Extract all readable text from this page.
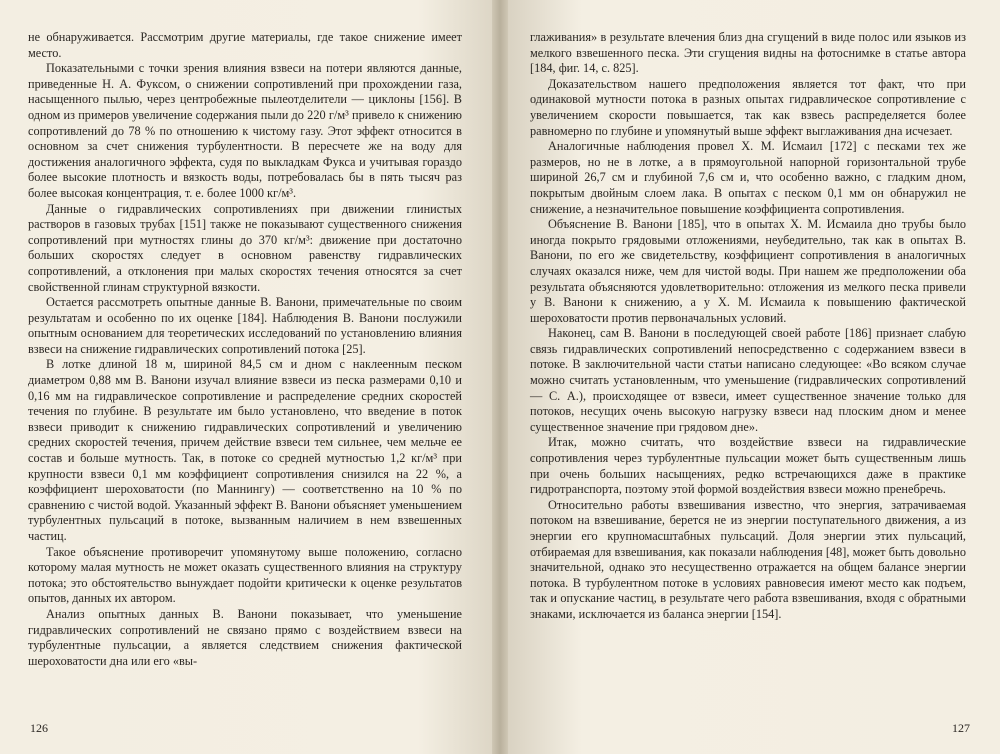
не обнаруживается. Рассмотрим другие материалы, где такое снижение имеет место.

Показательными с точки зрения влияния взвеси на потери являются данные, приведенные Н. А. Фуксом, о снижении сопротивлений при прохождении газа, насыщенного пылью, через центробежные пылеотделители — циклоны [156]. В одном из примеров увеличение содержания пыли до 220 г/м³ привело к снижению сопротивлений до 78 % по отношению к чистому газу. Этот эффект относится в основном за счет снижения турбулентности. В пересчете же на воду для достижения аналогичного эффекта, судя по выкладкам Фукса и учитывая гораздо более высокие плотность и вязкость воды, потребовалась бы в пять тысяч раз более высокая концентрация, т. е. более 1000 кг/м³.

Данные о гидравлических сопротивлениях при движении глинистых растворов в газовых трубах [151] также не показывают существенного снижения сопротивлений при мутностях глины до 370 кг/м³: движение при достаточно больших скоростях следует в основном равенству гидравлических сопротивлений, а отклонения при малых скоростях течения относятся за счет свойственной глинам структурной вязкости.

Остается рассмотреть опытные данные В. Ванони, примечательные по своим результатам и особенно по их оценке [184]. Наблюдения В. Ванони послужили опытным основанием для теоретических исследований по установлению влияния взвеси на снижение гидравлических сопротивлений потока [25].

В лотке длиной 18 м, шириной 84,5 см и дном с наклеенным песком диаметром 0,88 мм В. Ванони изучал влияние взвеси из песка размерами 0,10 и 0,16 мм на гидравлическое сопротивление и распределение средних скоростей течения по глубине. В результате им было установлено, что введение в поток взвеси приводит к снижению гидравлических сопротивлений и увеличению средних скоростей течения, причем действие взвеси тем сильнее, чем мельче ее состав и больше мутность. Так, в потоке со средней мутностью 1,2 кг/м³ при крупности взвеси 0,1 мм коэффициент сопротивления снизился на 22 %, а коэффициент шероховатости (по Маннингу) — соответственно на 10 % по сравнению с чистой водой. Указанный эффект В. Ванони объясняет уменьшением турбулентных пульсаций в потоке, вызванным наличием в нем взвешенных частиц.

Такое объяснение противоречит упомянутому выше положению, согласно которому малая мутность не может оказать существенного влияния на структуру потока; это обстоятельство вынуждает подойти критически к оценке результатов опытов, данных их автором.

Анализ опытных данных В. Ванони показывает, что уменьшение гидравлических сопротивлений не связано прямо с воздействием взвеси на турбулентные пульсации, а является следствием снижения фактической шероховатости дна или его «вы-

126

глаживания» в результате влечения близ дна сгущений в виде полос или языков из мелкого взвешенного песка. Эти сгущения видны на фотоснимке в статье автора [184, фиг. 14, с. 825].

Доказательством нашего предположения является тот факт, что при одинаковой мутности потока в разных опытах гидравлическое сопротивление с увеличением скорости повышается, так как взвесь распределяется более равномерно по глубине и упомянутый выше эффект выглаживания дна исчезает.

Аналогичные наблюдения провел Х. М. Исмаил [172] с песками тех же размеров, но не в лотке, а в прямоугольной напорной горизонтальной трубе шириной 26,7 см и глубиной 7,6 см и, что особенно важно, с гладким дном, покрытым двойным слоем лака. В опытах с песком 0,1 мм он обнаружил не снижение, а незначительное повышение коэффициента сопротивления.

Объяснение В. Ванони [185], что в опытах Х. М. Исмаила дно трубы было иногда покрыто грядовыми отложениями, неубедительно, так как в опытах В. Ванони, по его же свидетельству, коэффициент сопротивления в аналогичных случаях оказался ниже, чем для чистой воды. При нашем же предположении оба результата объясняются удовлетворительно: отложения из мелкого песка привели у В. Ванони к снижению, а у Х. М. Исмаила к повышению фактической шероховатости против первоначальных условий.

Наконец, сам В. Ванони в последующей своей работе [186] признает слабую связь гидравлических сопротивлений непосредственно с содержанием взвеси в потоке. В заключительной части статьи написано следующее: «Во всяком случае можно считать установленным, что уменьшение (гидравлических сопротивлений — С. А.), происходящее от взвеси, имеет существенное значение только для потоков, несущих очень высокую нагрузку взвеси над плоским дном и менее существенное значение при грядовом дне».

Итак, можно считать, что воздействие взвеси на гидравлические сопротивления через турбулентные пульсации может быть существенным лишь при очень больших насыщениях, редко встречающихся даже в практике гидротранспорта, поэтому этой формой воздействия взвеси можно пренебречь.

Относительно работы взвешивания известно, что энергия, затрачиваемая потоком на взвешивание, берется не из энергии поступательного движения, а из энергии его крупномасштабных пульсаций. Доля энергии этих пульсаций, отбираемая для взвешивания, как показали наблюдения [48], может быть довольно значительной, однако это несущественно отражается на общем балансе энергии потока. В турбулентном потоке в условиях равновесия имеют место как подъем, так и опускание частиц, в результате чего работа взвешивания, входя с обратными знаками, исключается из баланса энергии [154].

127
